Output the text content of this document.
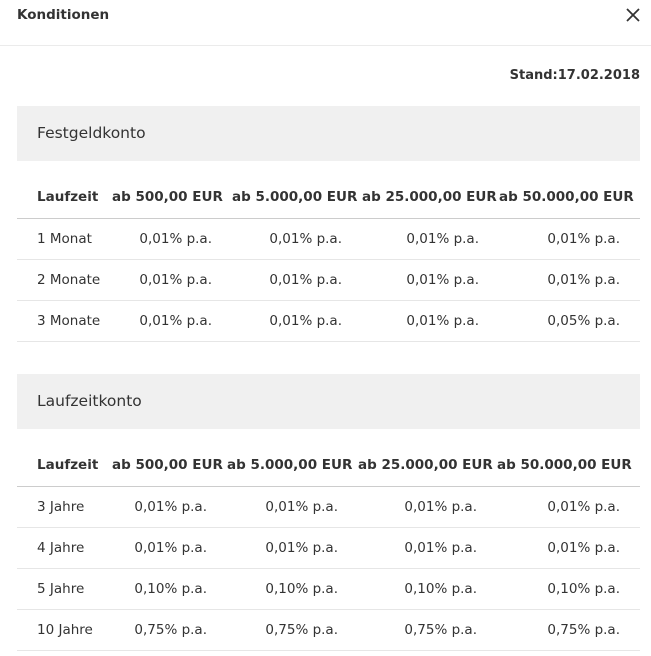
Konditionen
Stand:17.02.2018
Festgeldkonto
Laufzeit	ab 500,00 EUR	ab 5.000,00 EUR	ab 25.000,00 EUR	ab 50.000,00 EUR
1 Monat	0,01% p.a.	0,01% p.a.	0,01% p.a.	0,01% p.a.
2 Monate	0,01% p.a.	0,01% p.a.	0,01% p.a.	0,01% p.a.
3 Monate	0,01% p.a.	0,01% p.a.	0,01% p.a.	0,05% p.a.
Laufzeitkonto
Laufzeit	ab 500,00 EUR	ab 5.000,00 EUR	ab 25.000,00 EUR	ab 50.000,00 EUR
3 Jahre	0,01% p.a.	0,01% p.a.	0,01% p.a.	0,01% p.a.
4 Jahre	0,01% p.a.	0,01% p.a.	0,01% p.a.	0,01% p.a.
5 Jahre	0,10% p.a.	0,10% p.a.	0,10% p.a.	0,10% p.a.
10 Jahre	0,75% p.a.	0,75% p.a.	0,75% p.a.	0,75% p.a.
